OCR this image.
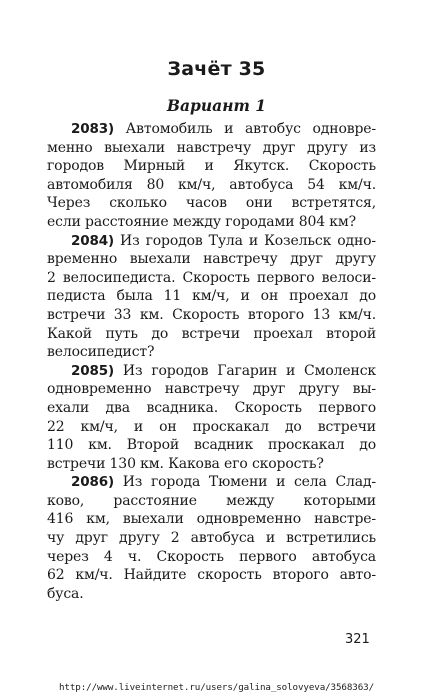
Зачёт 35
Вариант 1
2083) Автомобиль и автобус одновре-
менно выехали навстречу друг другу из
городов Мирный и Якутск. Скорость
автомобиля 80 км/ч, автобуса 54 км/ч.
Через сколько часов они встретятся,
если расстояние между городами 804 км?
2084) Из городов Тула и Козельск одно-
временно выехали навстречу друг другу
2 велосипедиста. Скорость первого велоси-
педиста была 11 км/ч, и он проехал до
встречи 33 км. Скорость второго 13 км/ч.
Какой путь до встречи проехал второй
велосипедист?
2085) Из городов Гагарин и Смоленск
одновременно навстречу друг другу вы-
ехали два всадника. Скорость первого
22 км/ч, и он проскакал до встречи
110 км. Второй всадник проскакал до
встречи 130 км. Какова его скорость?
2086) Из города Тюмени и села Слад-
ково, расстояние между которыми
416 км, выехали одновременно навстре-
чу друг другу 2 автобуса и встретились
через 4 ч. Скорость первого автобуса
62 км/ч. Найдите скорость второго авто-
буса.
321
http://www.liveinternet.ru/users/galina_solovyeva/3568363/
